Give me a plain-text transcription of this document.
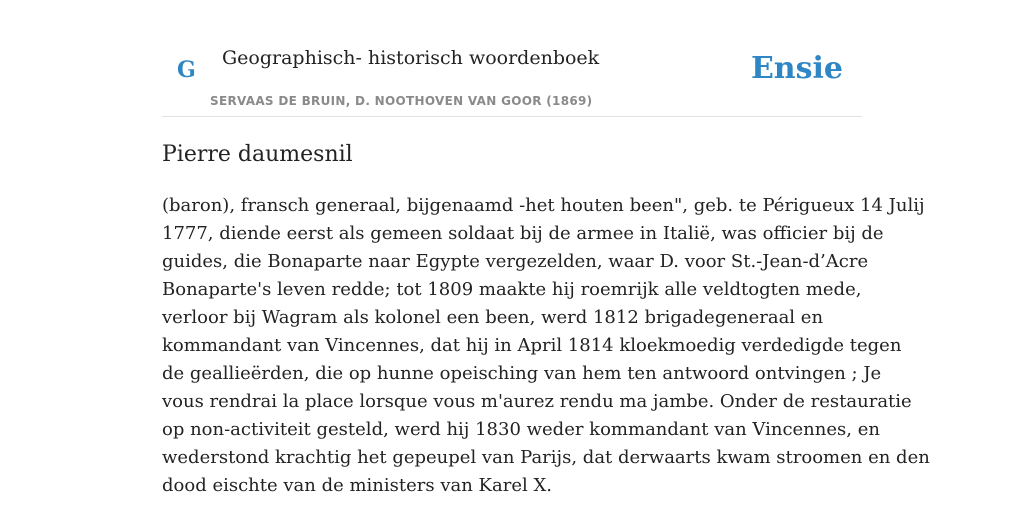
G Geographisch- historisch woordenboek
SERVAAS DE BRUIN, D. NOOTHOVEN VAN GOOR (1869)
Ensie
Pierre daumesnil

(baron), fransch generaal, bijgenaamd -het houten been", geb. te Périgueux 14 Julij
1777, diende eerst als gemeen soldaat bij de armee in Italië, was officier bij de
guides, die Bonaparte naar Egypte vergezelden, waar D. voor St.-Jean-d’Acre
Bonaparte's leven redde; tot 1809 maakte hij roemrijk alle veldtogten mede,
verloor bij Wagram als kolonel een been, werd 1812 brigadegeneraal en
kommandant van Vincennes, dat hij in April 1814 kloekmoedig verdedigde tegen
de geallieërden, die op hunne opeisching van hem ten antwoord ontvingen ; Je
vous rendrai la place lorsque vous m'aurez rendu ma jambe. Onder de restauratie
op non-activiteit gesteld, werd hij 1830 weder kommandant van Vincennes, en
wederstond krachtig het gepeupel van Parijs, dat derwaarts kwam stroomen en den
dood eischte van de ministers van Karel X.
